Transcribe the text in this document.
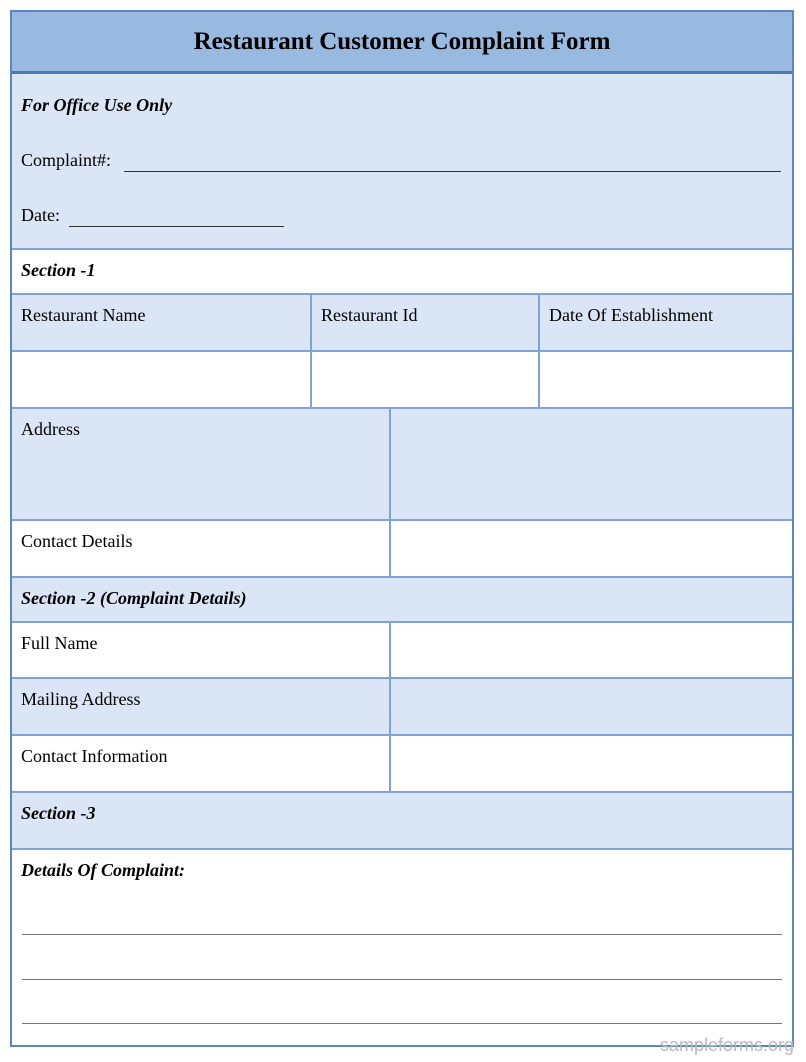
Restaurant Customer Complaint Form
For Office Use Only
Complaint#:
Date:
Section -1
Restaurant Name	Restaurant Id	Date Of Establishment
Address
Contact Details
Section -2 (Complaint Details)
Full Name
Mailing Address
Contact Information
Section -3
Details Of Complaint:
sampleforms.org
